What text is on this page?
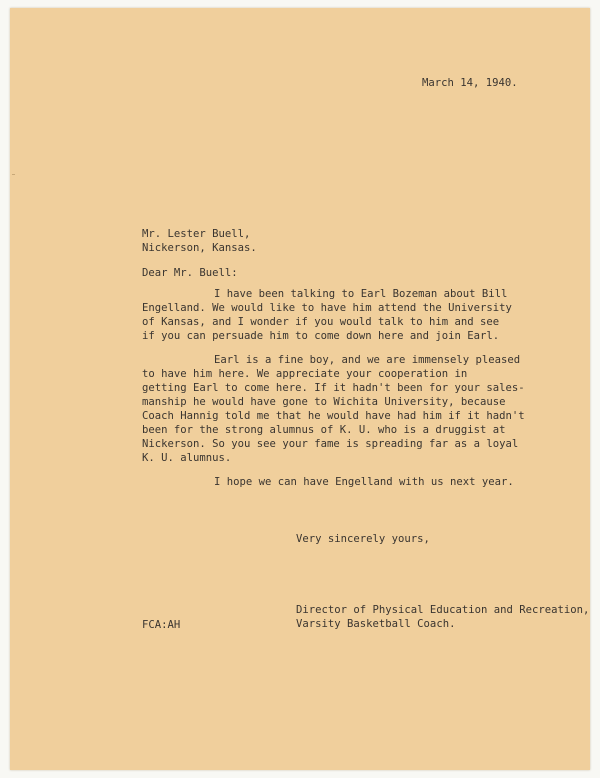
March 14, 1940.

Mr. Lester Buell,

Nickerson, Kansas.

Dear Mr. Buell:

I have been talking to Earl Bozeman about Bill

Engelland. We would like to have him attend the University

of Kansas, and I wonder if you would talk to him and see

if you can persuade him to come down here and join Earl.

Earl is a fine boy, and we are immensely pleased

to have him here. We appreciate your cooperation in

getting Earl to come here. If it hadn't been for your sales-

manship he would have gone to Wichita University, because

Coach Hannig told me that he would have had him if it hadn't

been for the strong alumnus of K. U. who is a druggist at

Nickerson. So you see your fame is spreading far as a loyal

K. U. alumnus.

I hope we can have Engelland with us next year.

Very sincerely yours,

FCA:AH

Director of Physical Education and Recreation,

Varsity Basketball Coach.
